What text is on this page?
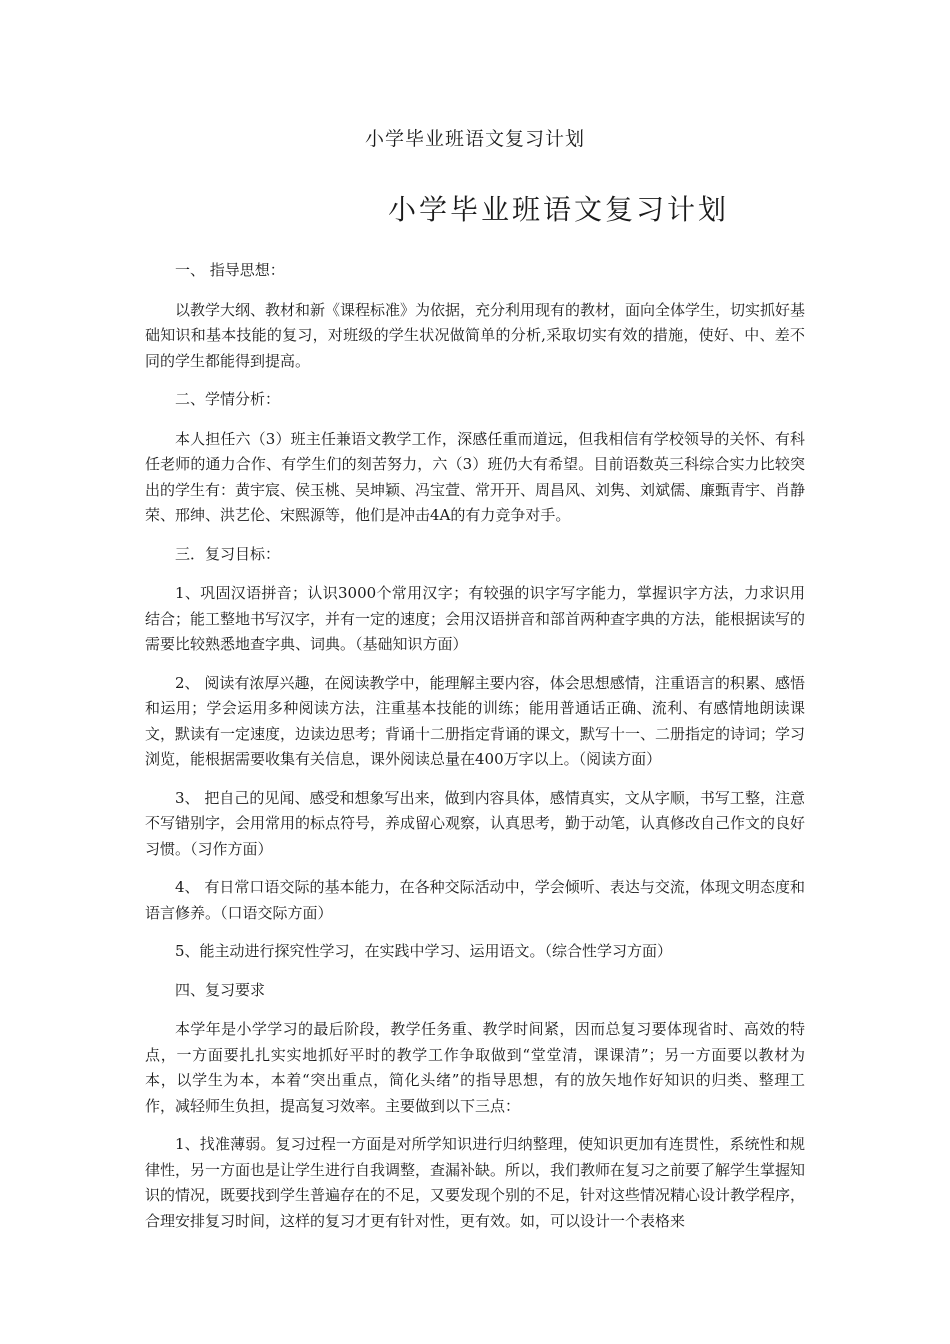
小学毕业班语文复习计划
小学毕业班语文复习计划

一、 指导思想：

以教学大纲、教材和新《课程标准》为依据，充分利用现有的教材，面向全体学生，切实抓好基础知识和基本技能的复习，对班级的学生状况做简单的分析,采取切实有效的措施，使好、中、差不同的学生都能得到提高。

二、学情分析：

本人担任六（3）班主任兼语文教学工作，深感任重而道远，但我相信有学校领导的关怀、有科任老师的通力合作、有学生们的刻苦努力，六（3）班仍大有希望。目前语数英三科综合实力比较突出的学生有：黄宇宸、侯玉桃、吴坤颖、冯宝萱、常开开、周昌风、刘隽、刘斌儒、廉甄青宇、肖静荣、邢绅、洪艺伦、宋熙源等，他们是冲击4A的有力竞争对手。

三．复习目标：

1、巩固汉语拼音；认识3000个常用汉字；有较强的识字写字能力，掌握识字方法，力求识用结合；能工整地书写汉字，并有一定的速度；会用汉语拼音和部首两种查字典的方法，能根据读写的需要比较熟悉地查字典、词典。（基础知识方面）

2、 阅读有浓厚兴趣，在阅读教学中，能理解主要内容，体会思想感情，注重语言的积累、感悟和运用；学会运用多种阅读方法，注重基本技能的训练；能用普通话正确、流利、有感情地朗读课文，默读有一定速度，边读边思考；背诵十二册指定背诵的课文，默写十一、二册指定的诗词；学习浏览，能根据需要收集有关信息，课外阅读总量在400万字以上。（阅读方面）

3、 把自己的见闻、感受和想象写出来，做到内容具体，感情真实，文从字顺，书写工整，注意不写错别字，会用常用的标点符号，养成留心观察，认真思考，勤于动笔，认真修改自己作文的良好习惯。（习作方面）

4、 有日常口语交际的基本能力，在各种交际活动中，学会倾听、表达与交流，体现文明态度和语言修养。（口语交际方面）

5、能主动进行探究性学习，在实践中学习、运用语文。（综合性学习方面）

四、复习要求

本学年是小学学习的最后阶段，教学任务重、教学时间紧，因而总复习要体现省时、高效的特点，一方面要扎扎实实地抓好平时的教学工作争取做到“堂堂清，课课清”；另一方面要以教材为本，以学生为本，本着“突出重点，简化头绪”的指导思想，有的放矢地作好知识的归类、整理工作，减轻师生负担，提高复习效率。主要做到以下三点：

1、找准薄弱。复习过程一方面是对所学知识进行归纳整理，使知识更加有连贯性，系统性和规律性，另一方面也是让学生进行自我调整，查漏补缺。所以，我们教师在复习之前要了解学生掌握知识的情况，既要找到学生普遍存在的不足，又要发现个别的不足，针对这些情况精心设计教学程序，合理安排复习时间，这样的复习才更有针对性，更有效。如，可以设计一个表格来
